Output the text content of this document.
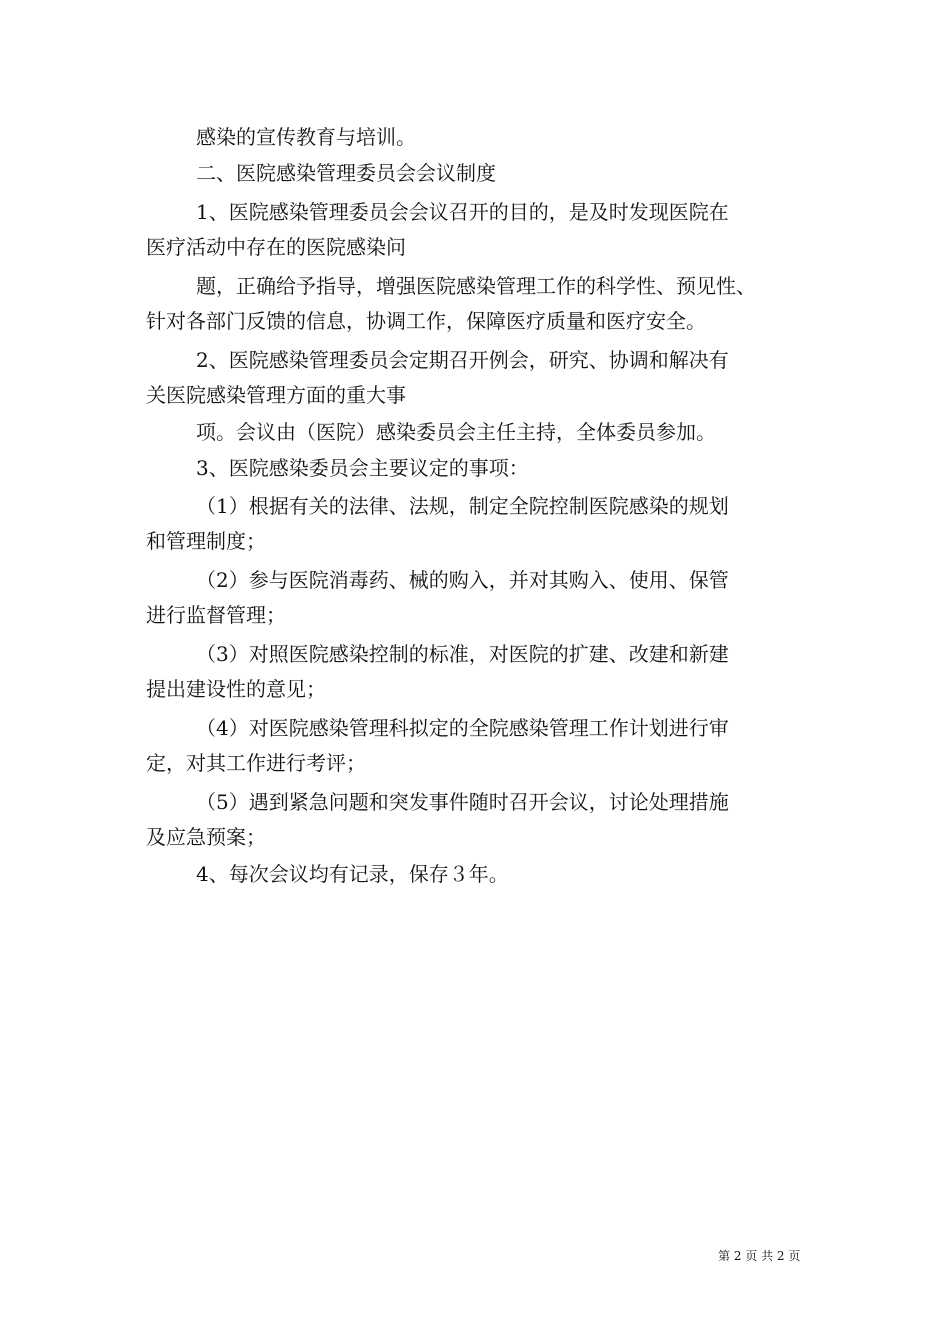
感染的宣传教育与培训。
二、医院感染管理委员会会议制度
1、医院感染管理委员会会议召开的目的，是及时发现医院在
医疗活动中存在的医院感染问
题，正确给予指导，增强医院感染管理工作的科学性、预见性、
针对各部门反馈的信息，协调工作，保障医疗质量和医疗安全。
2、医院感染管理委员会定期召开例会，研究、协调和解决有
关医院感染管理方面的重大事
项。会议由（医院）感染委员会主任主持，全体委员参加。
3、医院感染委员会主要议定的事项：
（1）根据有关的法律、法规，制定全院控制医院感染的规划
和管理制度；
（2）参与医院消毒药、械的购入，并对其购入、使用、保管
进行监督管理；
（3）对照医院感染控制的标准，对医院的扩建、改建和新建
提出建设性的意见；
（4）对医院感染管理科拟定的全院感染管理工作计划进行审
定，对其工作进行考评；
（5）遇到紧急问题和突发事件随时召开会议，讨论处理措施
及应急预案；
4、每次会议均有记录，保存３年。
第 2 页 共 2 页
